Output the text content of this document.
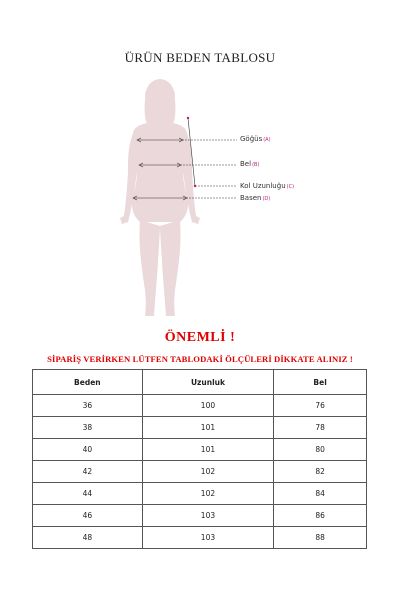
ÜRÜN BEDEN TABLOSU
Göğüs(A)
Bel(B)
Kol Uzunluğu(C)
Basen(D)
ÖNEMLİ !
SİPARİŞ VERİRKEN LÜTFEN TABLODAKİ ÖLÇÜLERİ DİKKATE ALINIZ !
Beden	Uzunluk	Bel
36	100	76
38	101	78
40	101	80
42	102	82
44	102	84
46	103	86
48	103	88
